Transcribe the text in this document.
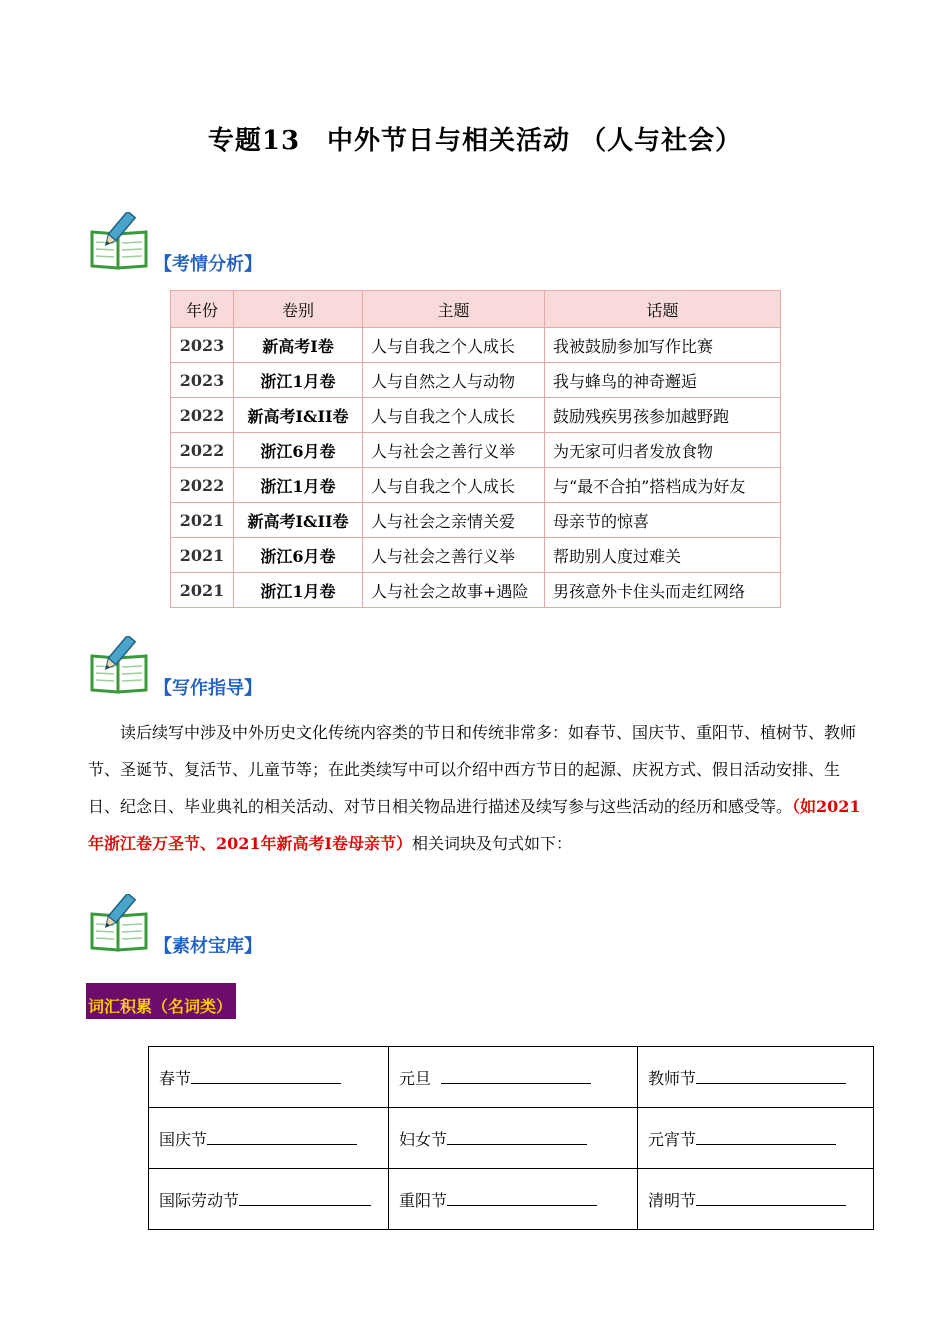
专题13　中外节日与相关活动 （人与社会）
【考情分析】
年份	卷别	主题	话题
2023	新高考I卷	人与自我之个人成长	我被鼓励参加写作比赛
2023	浙江1月卷	人与自然之人与动物	我与蜂鸟的神奇邂逅
2022	新高考I&II卷	人与自我之个人成长	鼓励残疾男孩参加越野跑
2022	浙江6月卷	人与社会之善行义举	为无家可归者发放食物
2022	浙江1月卷	人与自我之个人成长	与“最不合拍”搭档成为好友
2021	新高考I&II卷	人与社会之亲情关爱	母亲节的惊喜
2021	浙江6月卷	人与社会之善行义举	帮助别人度过难关
2021	浙江1月卷	人与社会之故事+遇险	男孩意外卡住头而走红网络
【写作指导】
读后续写中涉及中外历史文化传统内容类的节日和传统非常多：如春节、国庆节、重阳节、植树节、教师节、圣诞节、复活节、儿童节等；在此类续写中可以介绍中西方节日的起源、庆祝方式、假日活动安排、生日、纪念日、毕业典礼的相关活动、对节日相关物品进行描述及续写参与这些活动的经历和感受等。（如2021年浙江卷万圣节、2021年新高考I卷母亲节）相关词块及句式如下：
【素材宝库】
词汇积累（名词类）
春节	元旦	教师节
国庆节	妇女节	元宵节
国际劳动节	重阳节	清明节
